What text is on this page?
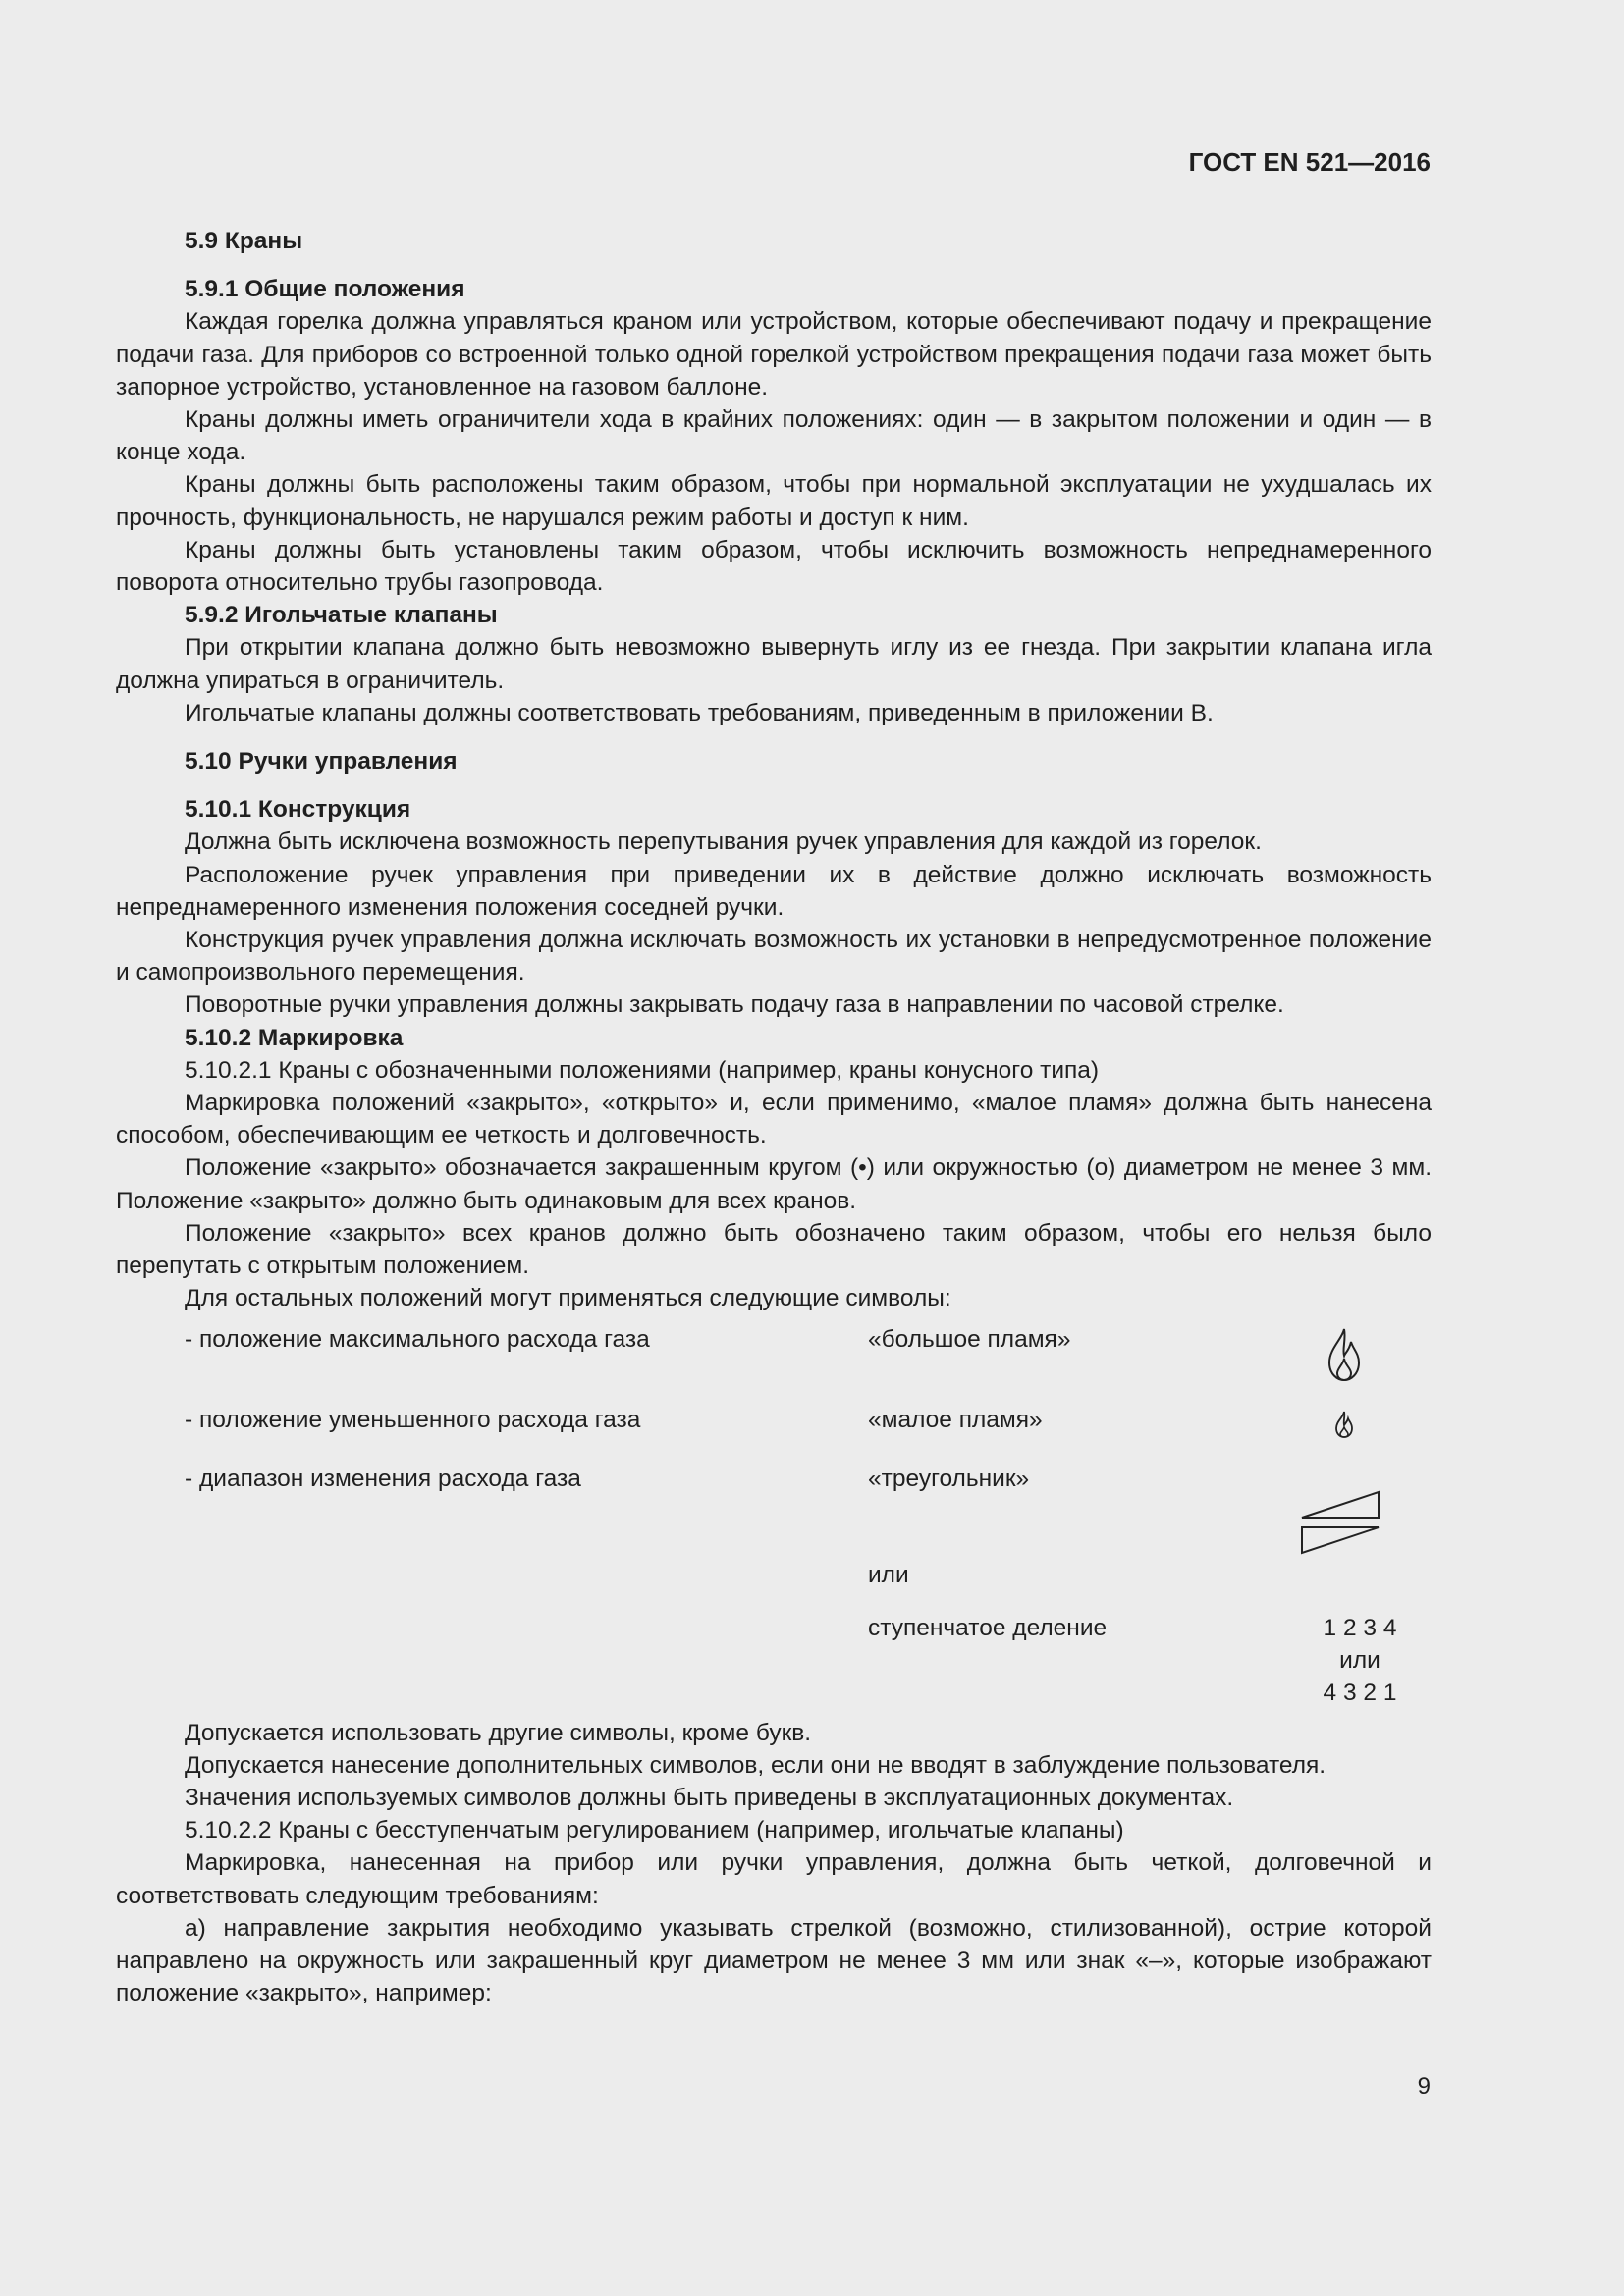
ГОСТ EN 521—2016

5.9 Краны

5.9.1 Общие положения

Каждая горелка должна управляться краном или устройством, которые обеспечивают подачу и прекращение подачи газа. Для приборов со встроенной только одной горелкой устройством прекращения подачи газа может быть запорное устройство, установленное на газовом баллоне.

Краны должны иметь ограничители хода в крайних положениях: один — в закрытом положении и один — в конце хода.

Краны должны быть расположены таким образом, чтобы при нормальной эксплуатации не ухудшалась их прочность, функциональность, не нарушался режим работы и доступ к ним.

Краны должны быть установлены таким образом, чтобы исключить возможность непреднамеренного поворота относительно трубы газопровода.

5.9.2 Игольчатые клапаны

При открытии клапана должно быть невозможно вывернуть иглу из ее гнезда. При закрытии клапана игла должна упираться в ограничитель.

Игольчатые клапаны должны соответствовать требованиям, приведенным в приложении В.

5.10 Ручки управления

5.10.1 Конструкция

Должна быть исключена возможность перепутывания ручек управления для каждой из горелок.

Расположение ручек управления при приведении их в действие должно исключать возможность непреднамеренного изменения положения соседней ручки.

Конструкция ручек управления должна исключать возможность их установки в непредусмотренное положение и самопроизвольного перемещения.

Поворотные ручки управления должны закрывать подачу газа в направлении по часовой стрелке.

5.10.2 Маркировка

5.10.2.1 Краны с обозначенными положениями (например, краны конусного типа)

Маркировка положений «закрыто», «открыто» и, если применимо, «малое пламя» должна быть нанесена способом, обеспечивающим ее четкость и долговечность.

Положение «закрыто» обозначается закрашенным кругом (•) или окружностью (о) диаметром не менее 3 мм. Положение «закрыто» должно быть одинаковым для всех кранов.

Положение «закрыто» всех кранов должно быть обозначено таким образом, чтобы его нельзя было перепутать с открытым положением.

Для остальных положений могут применяться следующие символы:

- положение максимального расхода газа	«большое пламя»
- положение уменьшенного расхода газа	«малое пламя»
- диапазон изменения расхода газа	«треугольник»
или
ступенчатое деление	1 2 3 4
или
4 3 2 1

Допускается использовать другие символы, кроме букв.

Допускается нанесение дополнительных символов, если они не вводят в заблуждение пользователя.

Значения используемых символов должны быть приведены в эксплуатационных документах.

5.10.2.2 Краны с бесступенчатым регулированием (например, игольчатые клапаны)

Маркировка, нанесенная на прибор или ручки управления, должна быть четкой, долговечной и соответствовать следующим требованиям:

а) направление закрытия необходимо указывать стрелкой (возможно, стилизованной), острие которой направлено на окружность или закрашенный круг диаметром не менее 3 мм или знак «–», которые изображают положение «закрыто», например:

9
